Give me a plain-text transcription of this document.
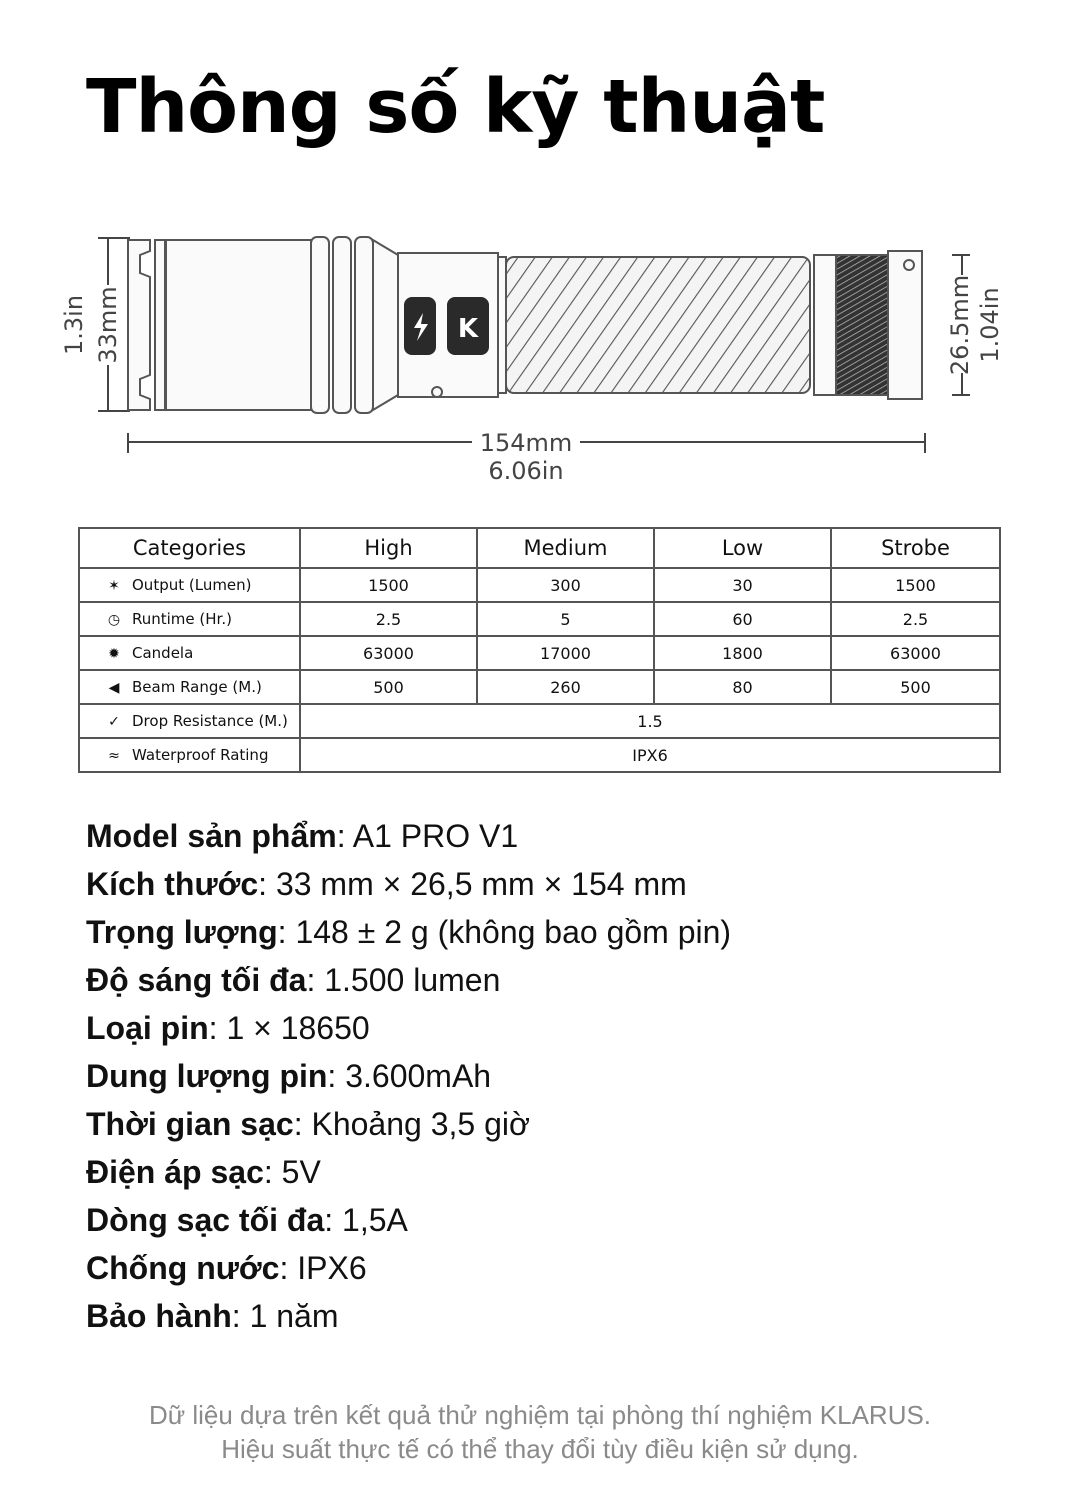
Thông số kỹ thuật
1.3in 33mm	K	26.5mm 1.04in
154mm
6.06in
Categories	High	Medium	Low	Strobe
✶ Output (Lumen)	1500	300	30	1500
◷ Runtime (Hr.)	2.5	5	60	2.5
✹ Candela	63000	17000	1800	63000
◀ Beam Range (M.)	500	260	80	500
✓ Drop Resistance (M.)	1.5			
≈ Waterproof Rating	IPX6			
Model sản phẩm: A1 PRO V1
Kích thước: 33 mm × 26,5 mm × 154 mm
Trọng lượng: 148 ± 2 g (không bao gồm pin)
Độ sáng tối đa: 1.500 lumen
Loại pin: 1 × 18650
Dung lượng pin: 3.600mAh
Thời gian sạc: Khoảng 3,5 giờ
Điện áp sạc: 5V
Dòng sạc tối đa: 1,5A
Chống nước: IPX6
Bảo hành: 1 năm
Dữ liệu dựa trên kết quả thử nghiệm tại phòng thí nghiệm KLARUS.
Hiệu suất thực tế có thể thay đổi tùy điều kiện sử dụng.
